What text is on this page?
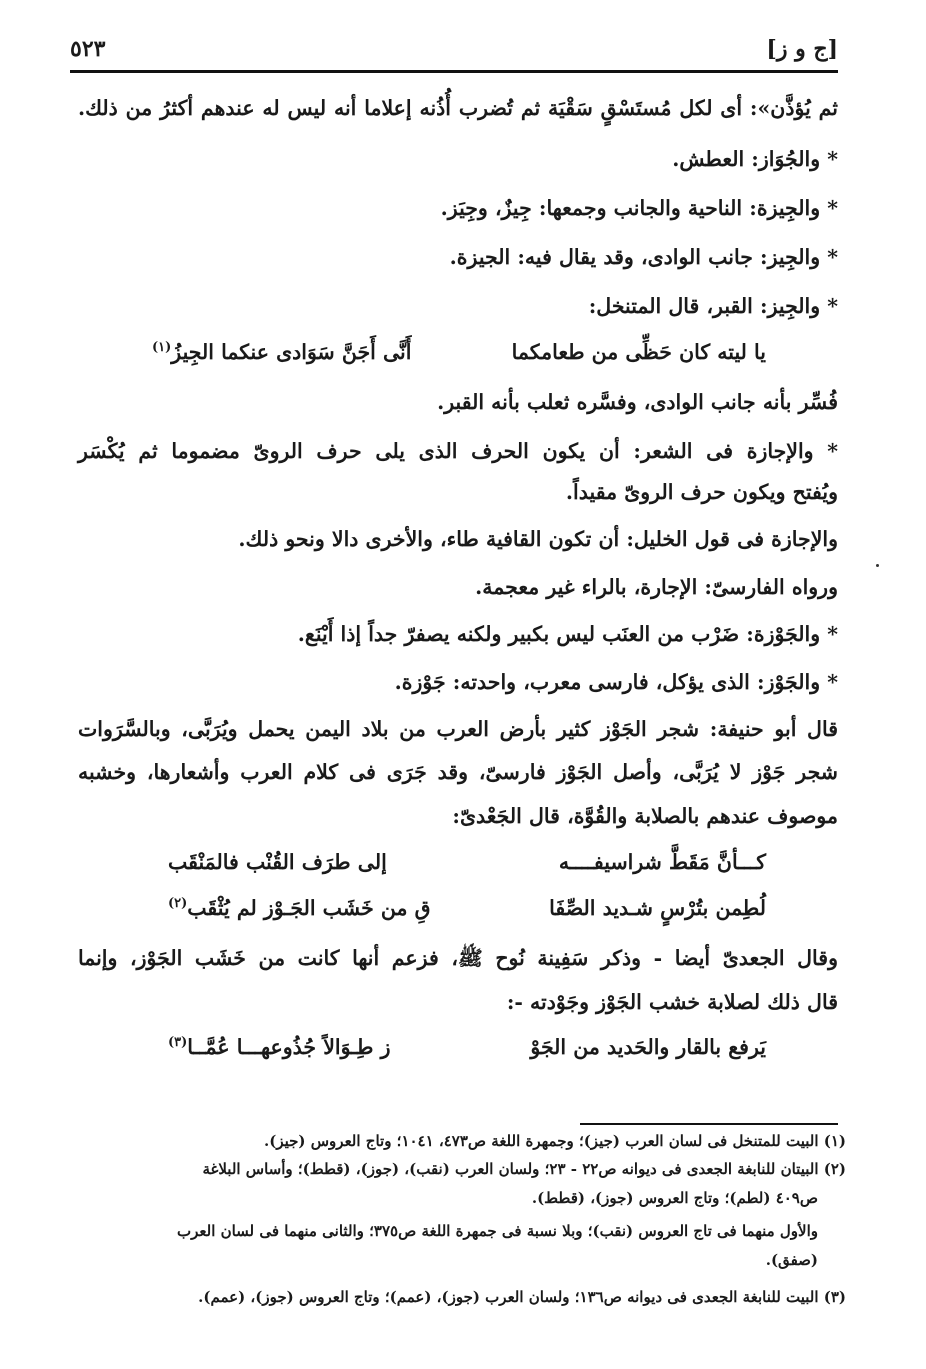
[ج و ز]
٥٢٣
ثم يُؤذَّن»: أى لكل مُستَسْقٍ سَقْيَة ثم تُضرب أُذُنه إعلاما أنه ليس له عندهم أكثرُ من ذلك.
* والجُوَاز: العطش.
* والجِيزة: الناحية والجانب وجمعها: جِيزٌ، وجِيَز.
* والجِيز: جانب الوادى، وقد يقال فيه: الجيزة.
* والجِيز: القبر، قال المتنخل:
يا ليته كان حَظِّى من طعامكما
أَنَّى أَجَنَّ سَوَادى عنكما الجِيزُ$^{(١)}$
فُسِّر بأنه جانب الوادى، وفسَّره ثعلب بأنه القبر.
* والإجازة فى الشعر: أن يكون الحرف الذى يلى حرف الروىّ مضموما ثم يُكْسَر
ويُفتح ويكون حرف الروىّ مقيداً.
والإجازة فى قول الخليل: أن تكون القافية طاء، والأخرى دالا ونحو ذلك.
ورواه الفارسىّ: الإجارة، بالراء غير معجمة.
* والجَوْزة: ضَرْب من العنَب ليس بكبير ولكنه يصفرّ جداً إذا أَيْنَع.
* والجَوْز: الذى يؤكل، فارسى معرب، واحدته: جَوْزة.
قال أبو حنيفة: شجر الجَوْز كثير بأرض العرب من بلاد اليمن يحمل ويُرَبَّى، وبالسَّرَوات
شجر جَوْز لا يُرَبَّى، وأصل الجَوْز فارسىّ، وقد جَرَى فى كلام العرب وأشعارها، وخشبه
موصوف عندهم بالصلابة والقُوَّة، قال الجَعْدىّ:
كـــأنَّ مَقَطَّ شراسيفــــه
إلى طرَف القُنْب فالمَنْقَب
لُطِمن بتُرْسٍ شـديد الصِّفَا
قِ من خَشَب الجَـوْز لم يُثْقَب$^{(٢)}$
وقال الجعدىّ أيضا - وذكر سَفِينة نُوح ﷺ، فزعم أنها كانت من خَشَب الجَوْز، وإنما
قال ذلك لصلابة خشب الجَوْز وجَوْدته -:
يَرفع بالقار والحَديد من الجَوْ
ز طِـوَالاً جُذُوعهـــا عُمَّــا$^{(٣)}$
(١) البيت للمتنخل فى لسان العرب (جيز)؛ وجمهرة اللغة ص٤٧٣، ١٠٤١؛ وتاج العروس (جيز).
(٢) البيتان للنابغة الجعدى فى ديوانه ص٢٢ - ٢٣؛ ولسان العرب (نقب)، (جوز)، (قطط)؛ وأساس البلاغة
ص٤٠٩ (لطم)؛ وتاج العروس (جوز)، (قطط).
والأول منهما فى تاج العروس (نقب)؛ وبلا نسبة فى جمهرة اللغة ص٣٧٥؛ والثانى منهما فى لسان العرب
(صفق).
(٣) البيت للنابغة الجعدى فى ديوانه ص١٣٦؛ ولسان العرب (جوز)، (عمم)؛ وتاج العروس (جوز)، (عمم).
